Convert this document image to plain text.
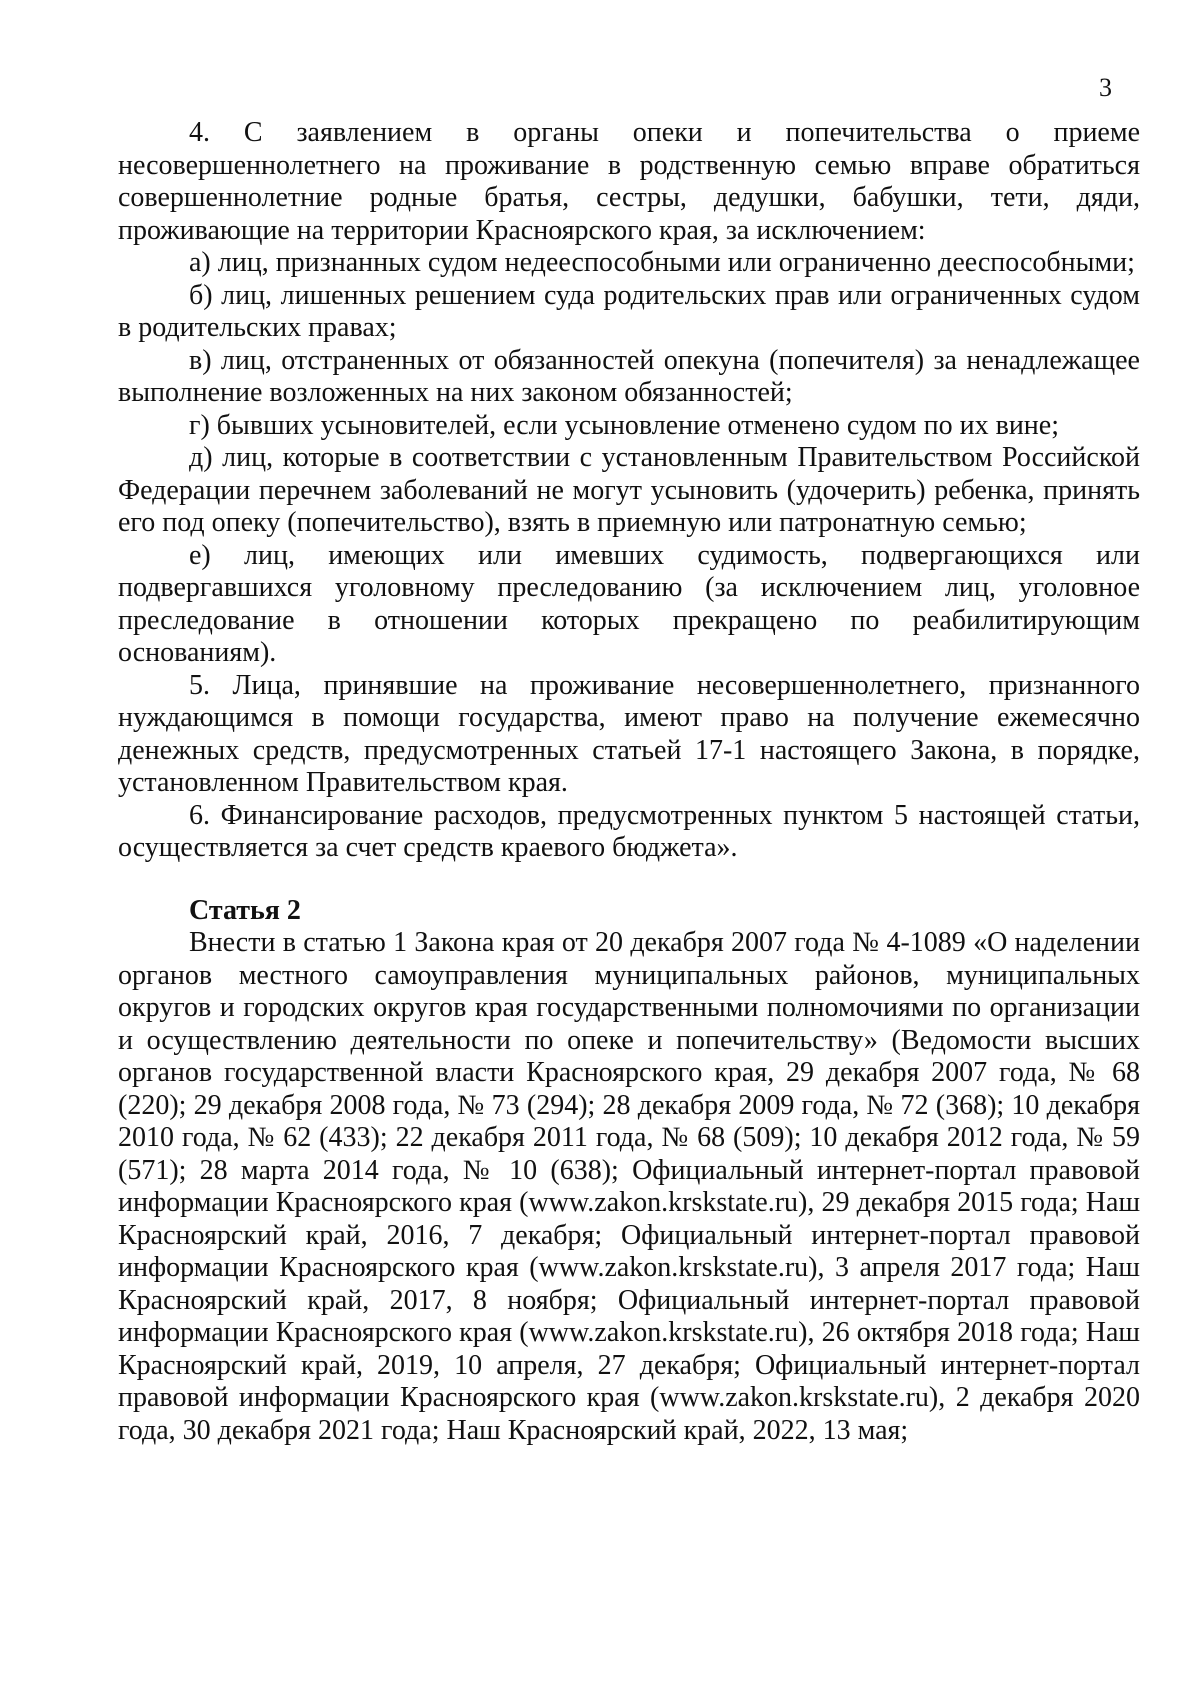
3

4. С заявлением в органы опеки и попечительства о приеме несовершеннолетнего на проживание в родственную семью вправе обратиться совершеннолетние родные братья, сестры, дедушки, бабушки, тети, дяди, проживающие на территории Красноярского края, за исключением:

а) лиц, признанных судом недееспособными или ограниченно дееспособными;

б) лиц, лишенных решением суда родительских прав или ограниченных судом в родительских правах;

в) лиц, отстраненных от обязанностей опекуна (попечителя) за ненадлежащее выполнение возложенных на них законом обязанностей;

г) бывших усыновителей, если усыновление отменено судом по их вине;

д) лиц, которые в соответствии с установленным Правительством Российской Федерации перечнем заболеваний не могут усыновить (удочерить) ребенка, принять его под опеку (попечительство), взять в приемную или патронатную семью;

е) лиц, имеющих или имевших судимость, подвергающихся или подвергавшихся уголовному преследованию (за исключением лиц, уголовное преследование в отношении которых прекращено по реабилитирующим основаниям).

5. Лица, принявшие на проживание несовершеннолетнего, признанного нуждающимся в помощи государства, имеют право на получение ежемесячно денежных средств, предусмотренных статьей 17-1 настоящего Закона, в порядке, установленном Правительством края.

6. Финансирование расходов, предусмотренных пунктом 5 настоящей статьи, осуществляется за счет средств краевого бюджета».

Статья 2

Внести в статью 1 Закона края от 20 декабря 2007 года № 4-1089 «О наделении органов местного самоуправления муниципальных районов, муниципальных округов и городских округов края государственными полномочиями по организации и осуществлению деятельности по опеке и попечительству» (Ведомости высших органов государственной власти Красноярского края, 29 декабря 2007 года, № 68 (220); 29 декабря 2008 года, № 73 (294); 28 декабря 2009 года, № 72 (368); 10 декабря 2010 года, № 62 (433); 22 декабря 2011 года, № 68 (509); 10 декабря 2012 года, № 59 (571); 28 марта 2014 года, № 10 (638); Официальный интернет-портал правовой информации Красноярского края (www.zakon.krskstate.ru), 29 декабря 2015 года; Наш Красноярский край, 2016, 7 декабря; Официальный интернет-портал правовой информации Красноярского края (www.zakon.krskstate.ru), 3 апреля 2017 года; Наш Красноярский край, 2017, 8 ноября; Официальный интернет-портал правовой информации Красноярского края (www.zakon.krskstate.ru), 26 октября 2018 года; Наш Красноярский край, 2019, 10 апреля, 27 декабря; Официальный интернет-портал правовой информации Красноярского края (www.zakon.krskstate.ru), 2 декабря 2020 года, 30 декабря 2021 года; Наш Красноярский край, 2022, 13 мая;
